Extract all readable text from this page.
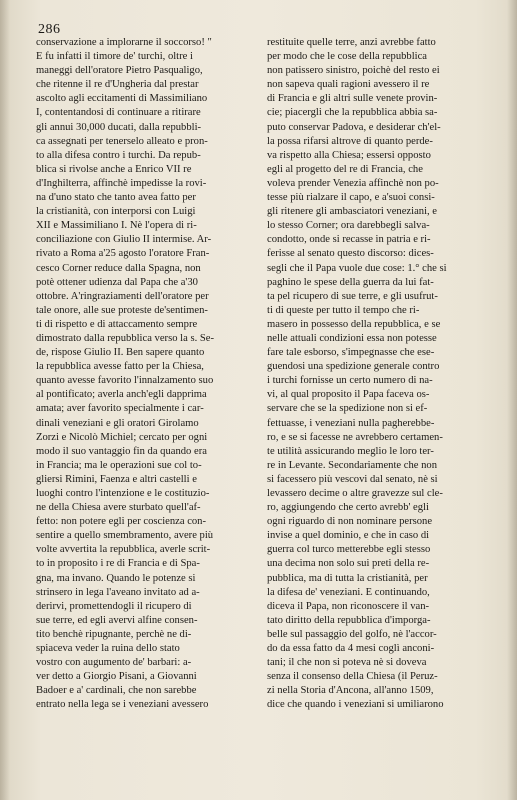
286
conservazione a implorarne il soccorso! "
E fu infatti il timore de' turchi, oltre i
maneggi dell'oratore Pietro Pasqualigo,
che ritenne il re d'Ungheria dal prestar
ascolto agli eccitamenti di Massimiliano
I, contentandosi di continuare a ritirare
gli annui 30,000 ducati, dalla repubbli-
ca assegnati per tenerselo alleato e pron-
to alla difesa contro i turchi. Da repub-
blica si rivolse anche a Enrico VII re
d'Inghilterra, affinchè impedisse la rovi-
na d'uno stato che tanto avea fatto per
la cristianità, con interporsi con Luigi
XII e Massimiliano I. Nè l'opera di ri-
conciliazione con Giulio II intermise. Ar-
rivato a Roma a'25 agosto l'oratore Fran-
cesco Corner reduce dalla Spagna, non
potè ottener udienza dal Papa che a'30
ottobre. A'ringraziamenti dell'oratore per
tale onore, alle sue proteste de'sentimen-
ti di rispetto e di attaccamento sempre
dimostrato dalla repubblica verso la s. Se-
de, rispose Giulio II. Ben sapere quanto
la repubblica avesse fatto per la Chiesa,
quanto avesse favorito l'innalzamento suo
al pontificato; averla anch'egli dapprima
amata; aver favorito specialmente i car-
dinali veneziani e gli oratori Girolamo
Zorzi e Nicolò Michiel; cercato per ogni
modo il suo vantaggio fin da quando era
in Francia; ma le operazioni sue col to-
gliersi Rimini, Faenza e altri castelli e
luoghi contro l'intenzione e le costituzio-
ne della Chiesa avere sturbato quell'af-
fetto: non potere egli per coscienza con-
sentire a quello smembramento, avere più
volte avvertita la repubblica, averle scrit-
to in proposito i re di Francia e di Spa-
gna, ma invano. Quando le potenze si
strinsero in lega l'aveano invitato ad a-
derirvi, promettendogli il ricupero di
sue terre, ed egli avervi alfine consen-
tito benchè ripugnante, perchè ne di-
spiaceva veder la ruina dello stato
vostro con augumento de' barbari: a-
ver detto a Giorgio Pisani, a Giovanni
Badoer e a' cardinali, che non sarebbe
entrato nella lega se i veneziani avessero
restituite quelle terre, anzi avrebbe fatto
per modo che le cose della repubblica
non patissero sinistro, poichè del resto ei
non sapeva quali ragioni avessero il re
di Francia e gli altri sulle venete provin-
cie; piacergli che la repubblica abbia sa-
puto conservar Padova, e desiderar ch'el-
la possa rifarsi altrove di quanto perde-
va rispetto alla Chiesa; essersi opposto
egli al progetto del re di Francia, che
voleva prender Venezia affinchè non po-
tesse più rialzare il capo, e a'suoi consi-
gli ritenere gli ambasciatori veneziani, e
lo stesso Corner; ora darebbegli salva-
condotto, onde si recasse in patria e ri-
ferisse al senato questo discorso: dices-
segli che il Papa vuole due cose: 1.° che si
paghino le spese della guerra da lui fat-
ta pel ricupero di sue terre, e gli usufrut-
ti di queste per tutto il tempo che ri-
masero in possesso della repubblica, e se
nelle attuali condizioni essa non potesse
fare tale esborso, s'impegnasse che ese-
guendosi una spedizione generale contro
i turchi fornisse un certo numero di na-
vi, al qual proposito il Papa faceva os-
servare che se la spedizione non si ef-
fettuasse, i veneziani nulla pagherebbe-
ro, e se si facesse ne avrebbero certamen-
te utilità assicurando meglio le loro ter-
re in Levante. Secondariamente che non
si facessero più vescovi dal senato, nè si
levassero decime o altre gravezze sul cle-
ro, aggiungendo che certo avrebb' egli
ogni riguardo di non nominare persone
invise a quel dominio, e che in caso di
guerra col turco metterebbe egli stesso
una decima non solo sui preti della re-
pubblica, ma di tutta la cristianità, per
la difesa de' veneziani. E continuando,
diceva il Papa, non riconoscere il van-
tato diritto della repubblica d'imporga-
belle sul passaggio del golfo, nè l'accor-
do da essa fatto da 4 mesi coglì anconi-
tani; il che non si poteva nè si doveva
senza il consenso della Chiesa (il Peruz-
zi nella Storia d'Ancona, all'anno 1509,
dice che quando i veneziani si umiliarono
